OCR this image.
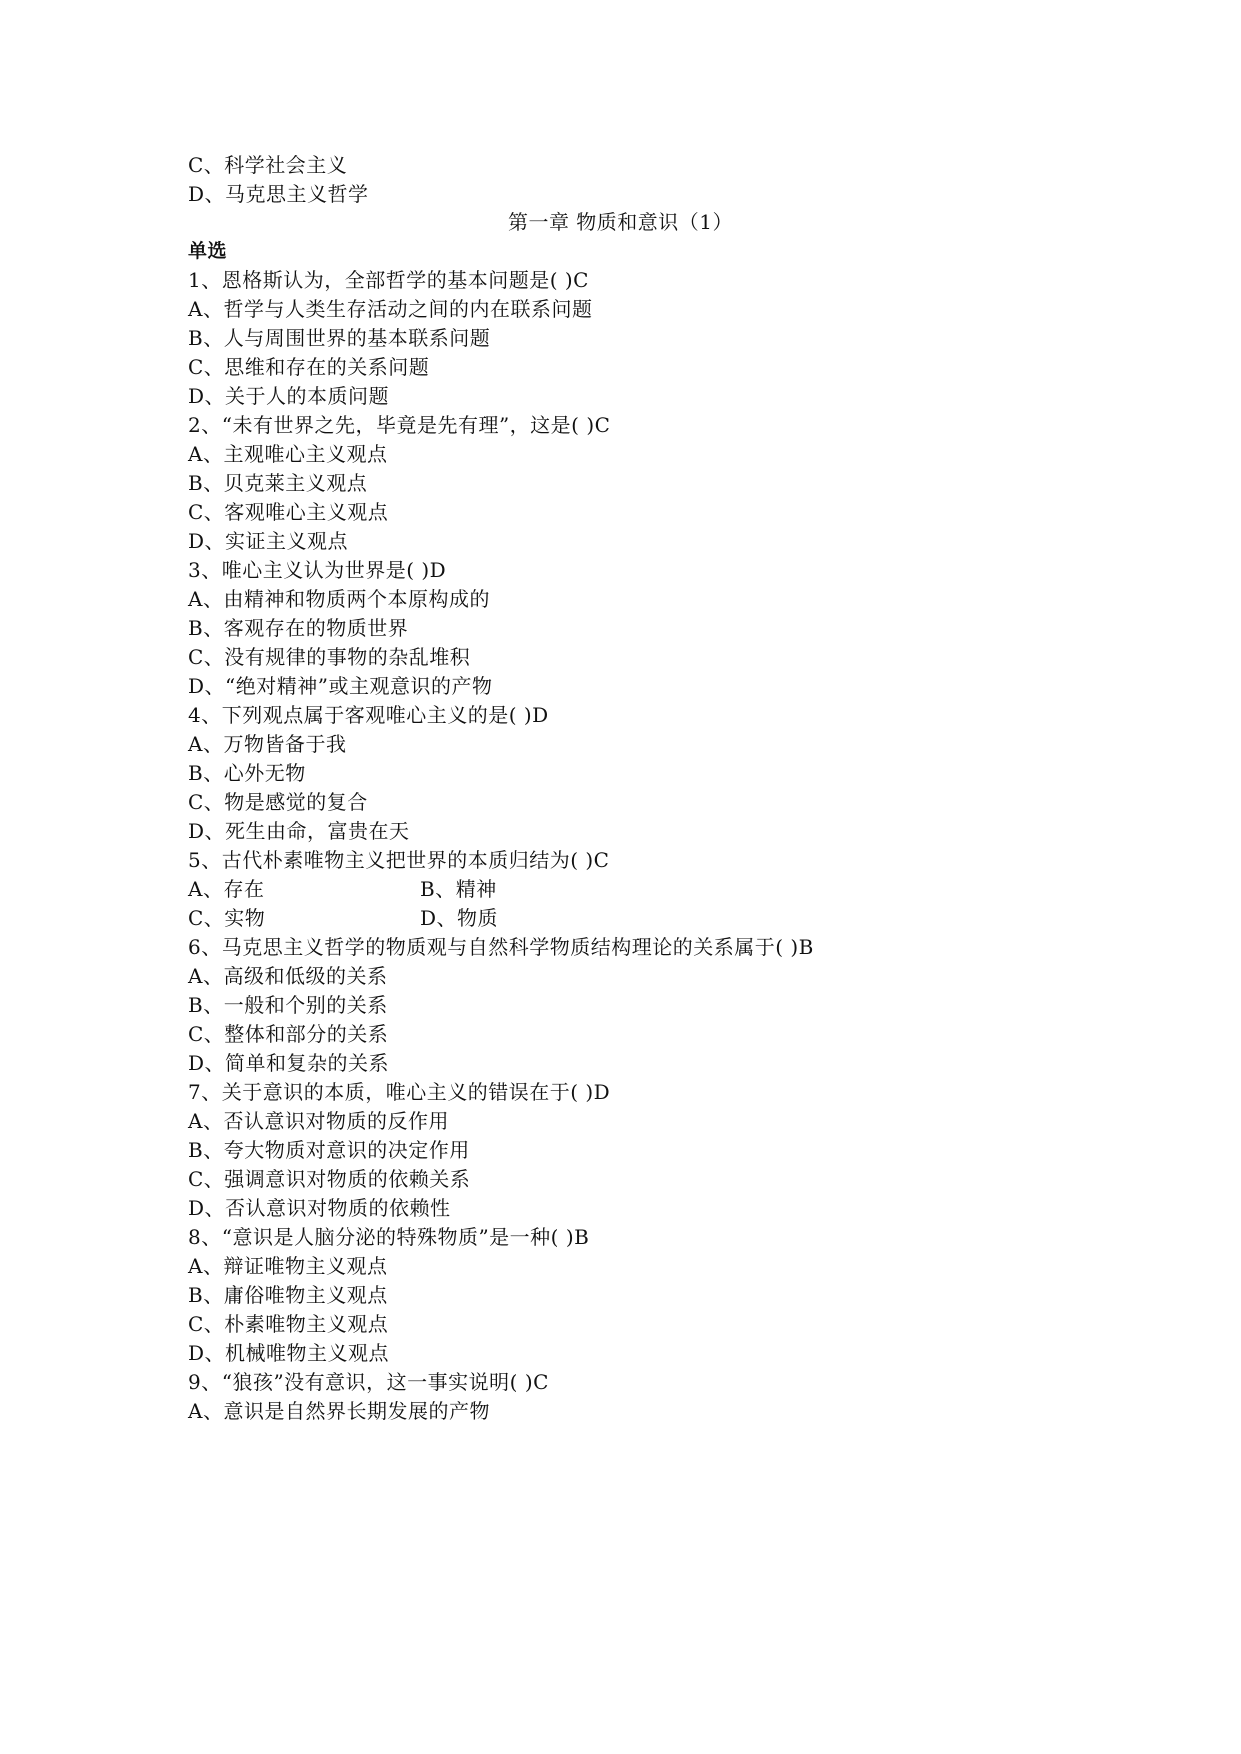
C、科学社会主义
D、马克思主义哲学
第一章 物质和意识（1）
单选
1、恩格斯认为，全部哲学的基本问题是( )C
A、哲学与人类生存活动之间的内在联系问题
B、人与周围世界的基本联系问题
C、思维和存在的关系问题
D、关于人的本质问题
2、“未有世界之先，毕竟是先有理”，这是( )C
A、主观唯心主义观点
B、贝克莱主义观点
C、客观唯心主义观点
D、实证主义观点
3、唯心主义认为世界是( )D
A、由精神和物质两个本原构成的
B、客观存在的物质世界
C、没有规律的事物的杂乱堆积
D、“绝对精神”或主观意识的产物
4、下列观点属于客观唯心主义的是( )D
A、万物皆备于我
B、心外无物
C、物是感觉的复合
D、死生由命，富贵在天
5、古代朴素唯物主义把世界的本质归结为( )C
A、存在	B、精神
C、实物	D、物质
6、马克思主义哲学的物质观与自然科学物质结构理论的关系属于( )B
A、高级和低级的关系
B、一般和个别的关系
C、整体和部分的关系
D、简单和复杂的关系
7、关于意识的本质，唯心主义的错误在于( )D
A、否认意识对物质的反作用
B、夸大物质对意识的决定作用
C、强调意识对物质的依赖关系
D、否认意识对物质的依赖性
8、“意识是人脑分泌的特殊物质”是一种( )B
A、辩证唯物主义观点
B、庸俗唯物主义观点
C、朴素唯物主义观点
D、机械唯物主义观点
9、“狼孩”没有意识，这一事实说明( )C
A、意识是自然界长期发展的产物
